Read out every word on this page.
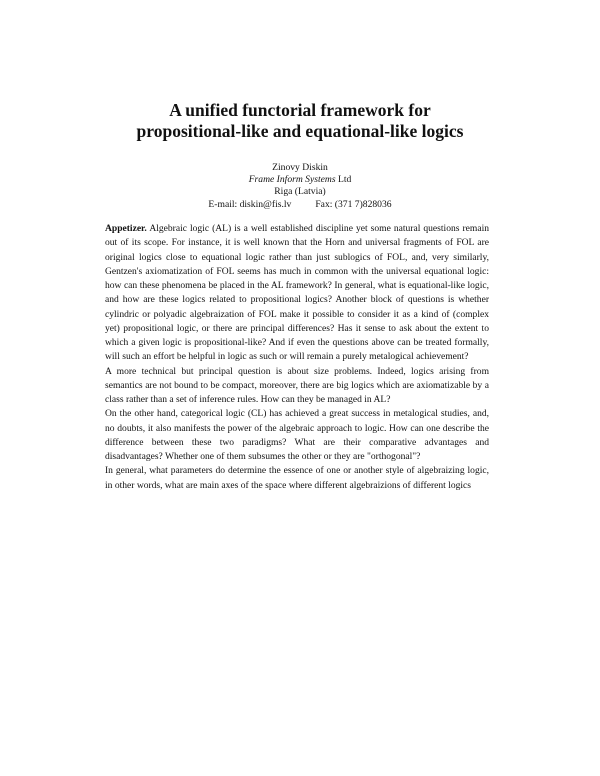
A unified functorial framework for
propositional-like and equational-like logics
Zinovy Diskin
Frame Inform Systems Ltd
Riga (Latvia)
E-mail: diskin@fis.lv	Fax: (371 7)828036

Appetizer. Algebraic logic (AL) is a well established discipline yet some natural questions remain out of its scope. For instance, it is well known that the Horn and universal fragments of FOL are original logics close to equational logic rather than just sublogics of FOL, and, very similarly, Gentzen's axiomatization of FOL seems has much in common with the universal equational logic: how can these phenomena be placed in the AL framework? In general, what is equational-like logic, and how are these logics related to propositional logics? Another block of questions is whether cylindric or polyadic algebraization of FOL make it possible to consider it as a kind of (complex yet) propositional logic, or there are principal differences? Has it sense to ask about the extent to which a given logic is propositional-like? And if even the questions above can be treated formally, will such an effort be helpful in logic as such or will remain a purely metalogical achievement?

A more technical but principal question is about size problems. Indeed, logics arising from semantics are not bound to be compact, moreover, there are big logics which are axiomatizable by a class rather than a set of inference rules. How can they be managed in AL?

On the other hand, categorical logic (CL) has achieved a great success in metalogical studies, and, no doubts, it also manifests the power of the algebraic approach to logic. How can one describe the difference between these two paradigms? What are their comparative advantages and disadvantages? Whether one of them subsumes the other or they are "orthogonal"?

In general, what parameters do determine the essence of one or another style of algebraizing logic, in other words, what are main axes of the space where different algebraizions of different logics
